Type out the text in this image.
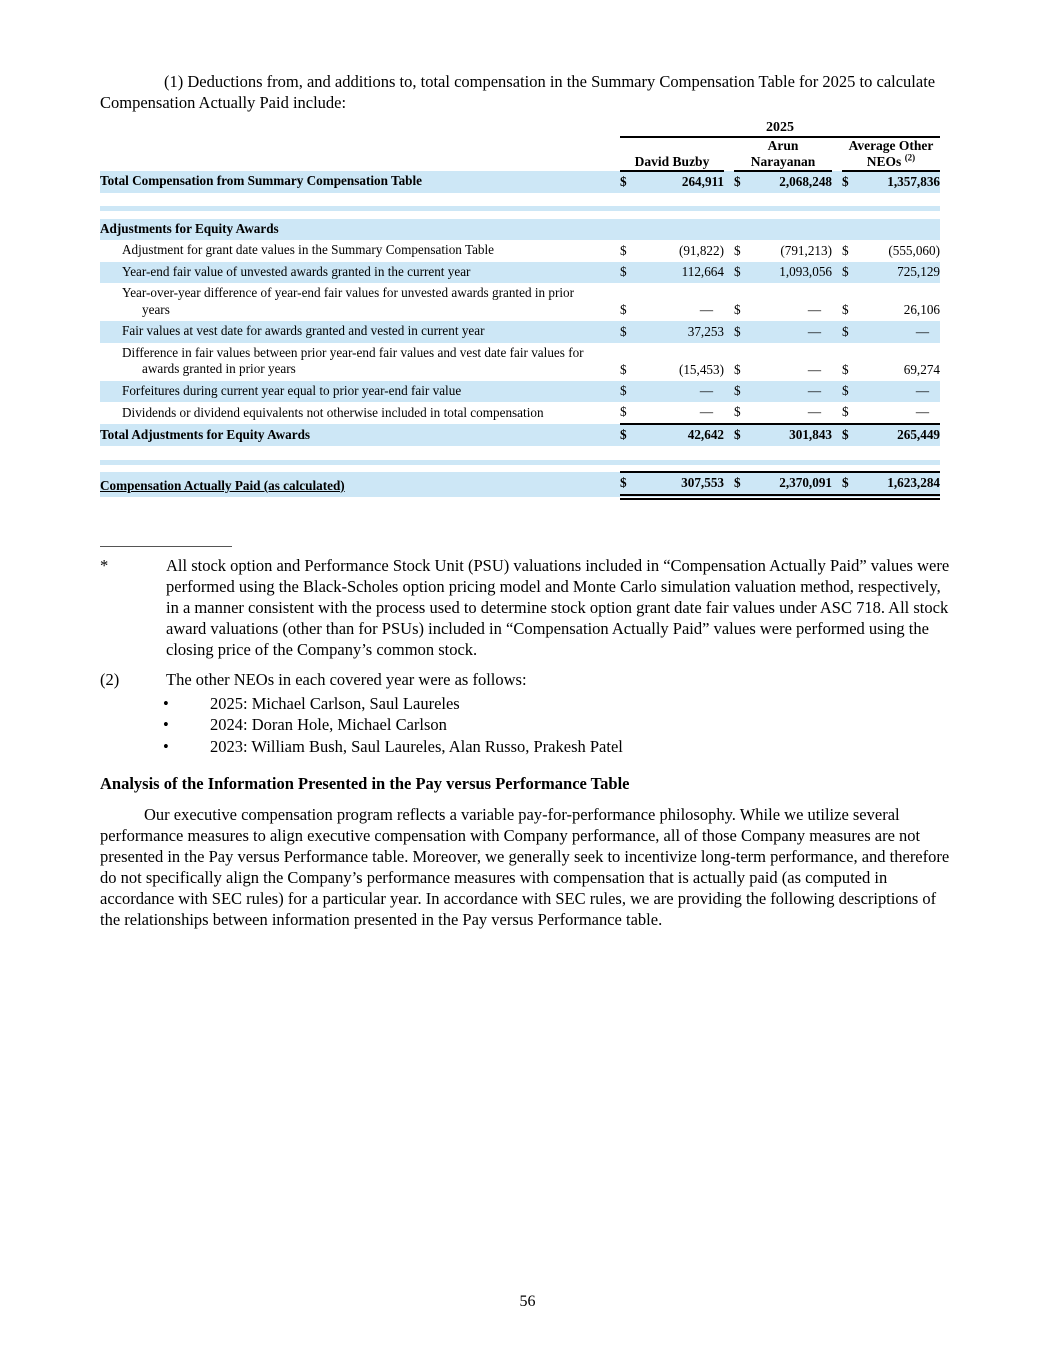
(1) Deductions from, and additions to, total compensation in the Summary Compensation Table for 2025 to calculate Compensation Actually Paid include:

	2025							
	David Buzby			Arun Narayanan			Average Other NEOs $^{(2)}$

Total Compensation from Summary Compensation Table	$	264,911		$	2,068,248		$	1,357,836

Adjustments for Equity Awards								

Adjustment for grant date values in the Summary Compensation Table	$	(91,822)		$	(791,213)		$	(555,060)

Year-end fair value of unvested awards granted in the current year	$	112,664		$	1,093,056		$	725,129

Year-over-year difference of year-end fair values for unvested awards granted in prior
years	$	—		$	—		$	26,106

Fair values at vest date for awards granted and vested in current year	$	37,253		$	—		$	—

Difference in fair values between prior year-end fair values and vest date fair values for
awards granted in prior years	$	(15,453)		$	—		$	69,274

Forfeitures during current year equal to prior year-end fair value	$	—		$	—		$	—

Dividends or dividend equivalents not otherwise included in total compensation	$	—		$	—		$	—

Total Adjustments for Equity Awards	$	42,642		$	301,843		$	265,449

Compensation Actually Paid (as calculated)	$	307,553		$	2,370,091		$	1,623,284
*	All stock option and Performance Stock Unit (PSU) valuations included in “Compensation Actually Paid” values were performed using the Black-Scholes option pricing model and Monte Carlo simulation valuation method, respectively, in a manner consistent with the process used to determine stock option grant date fair values under ASC 718. All stock award valuations (other than for PSUs) included in “Compensation Actually Paid” values were performed using the closing price of the Company’s common stock.
(2)	The other NEOs in each covered year were as follows:
•	2025: Michael Carlson, Saul Laureles
•	2024: Doran Hole, Michael Carlson
•	2023: William Bush, Saul Laureles, Alan Russo, Prakesh Patel
Analysis of the Information Presented in the Pay versus Performance Table

Our executive compensation program reflects a variable pay-for-performance philosophy. While we utilize several performance measures to align executive compensation with Company performance, all of those Company measures are not presented in the Pay versus Performance table. Moreover, we generally seek to incentivize long-term performance, and therefore do not specifically align the Company’s performance measures with compensation that is actually paid (as computed in accordance with SEC rules) for a particular year. In accordance with SEC rules, we are providing the following descriptions of the relationships between information presented in the Pay versus Performance table.

56
